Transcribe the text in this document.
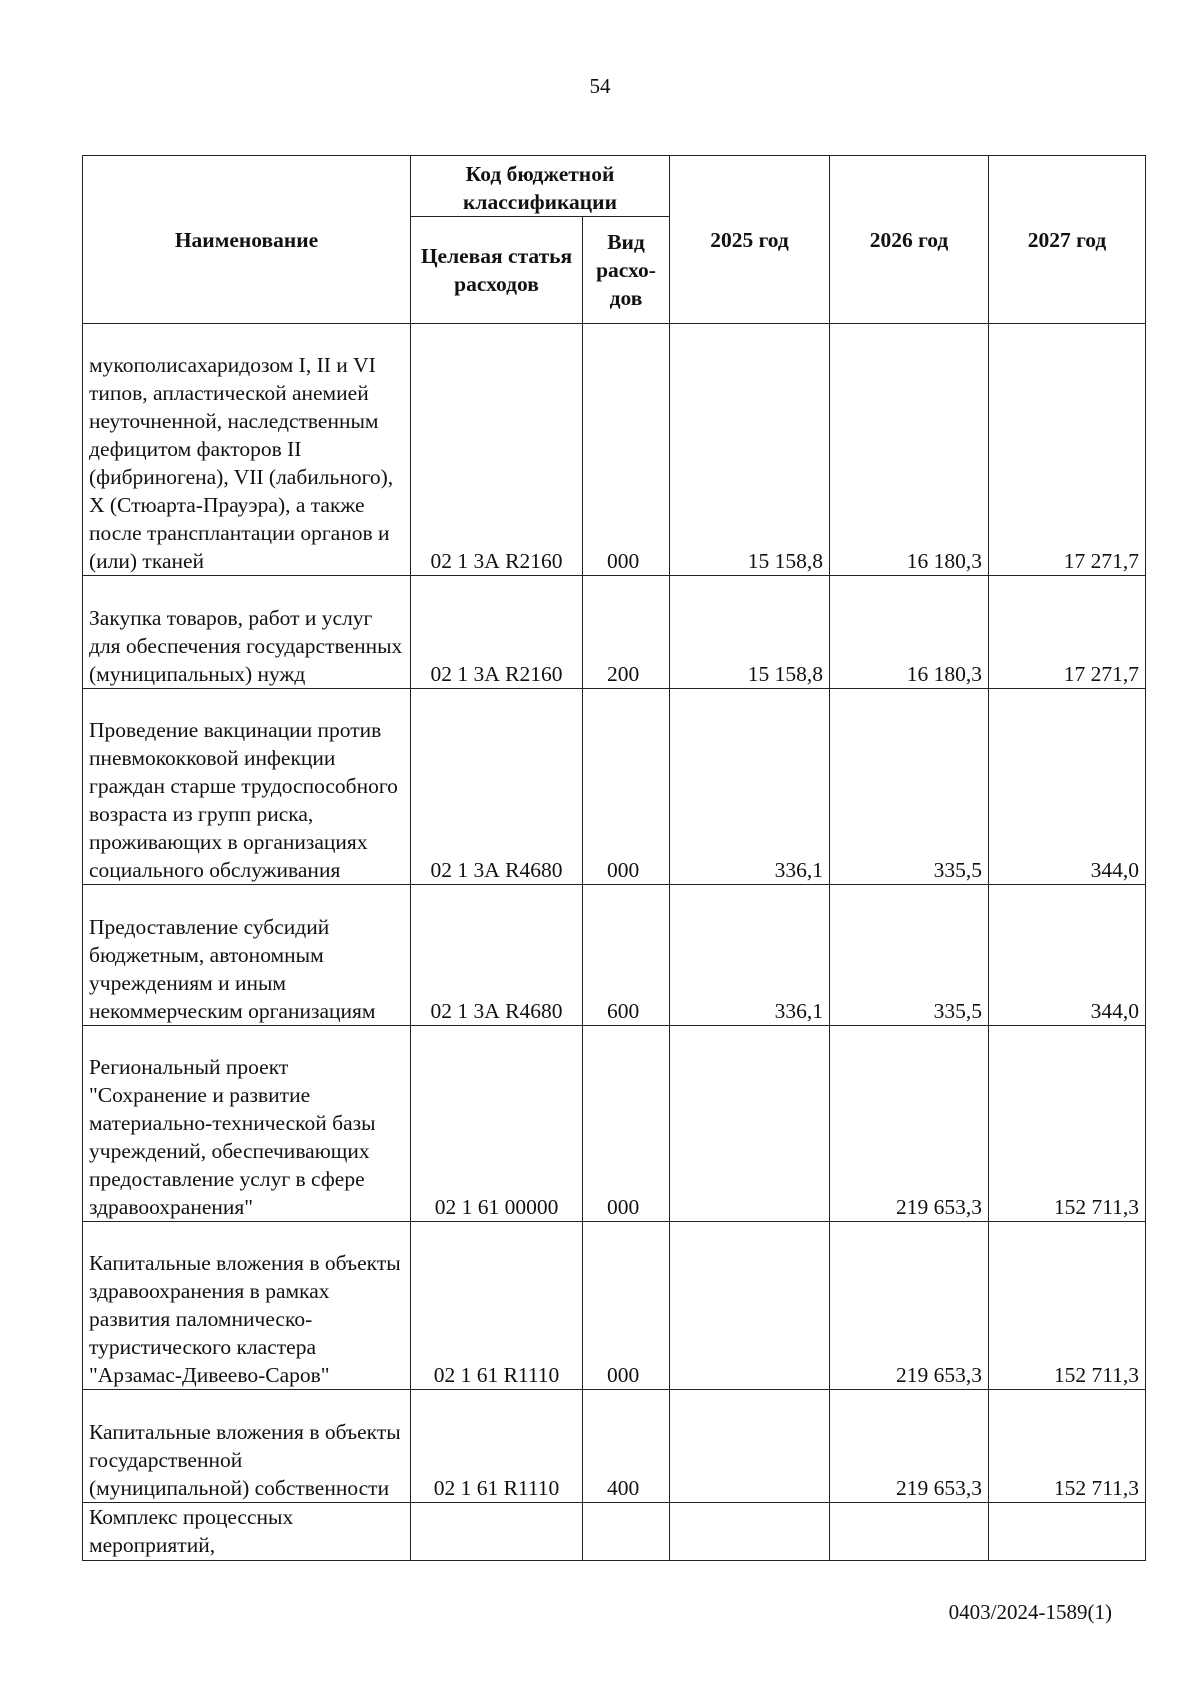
54
Наименование	Код бюджетной классификации		2025 год	2026 год	2027 год
	Целевая статья расходов	Вид расхо-дов			
мукополисахаридозом I, II и VI типов, апластической анемией неуточненной, наследственным дефицитом факторов II (фибриногена), VII (лабильного), X (Стюарта-Прауэра), а также после трансплантации органов и (или) тканей	02 1 3А R2160	000	15 158,8	16 180,3	17 271,7
Закупка товаров, работ и услуг для обеспечения государственных (муниципальных) нужд	02 1 3А R2160	200	15 158,8	16 180,3	17 271,7
Проведение вакцинации против пневмококковой инфекции граждан старше трудоспособного возраста из групп риска, проживающих в организациях социального обслуживания	02 1 3А R4680	000	336,1	335,5	344,0
Предоставление субсидий бюджетным, автономным учреждениям и иным некоммерческим организациям	02 1 3А R4680	600	336,1	335,5	344,0
Региональный проект "Сохранение и развитие материально-технической базы учреждений, обеспечивающих предоставление услуг в сфере здравоохранения"	02 1 61 00000	000		219 653,3	152 711,3
Капитальные вложения в объекты здравоохранения в рамках развития паломническо-туристического кластера "Арзамас-Дивеево-Саров"	02 1 61 R1110	000		219 653,3	152 711,3
Капитальные вложения в объекты государственной (муниципальной) собственности	02 1 61 R1110	400		219 653,3	152 711,3
Комплекс процессных мероприятий,					
0403/2024-1589(1)
